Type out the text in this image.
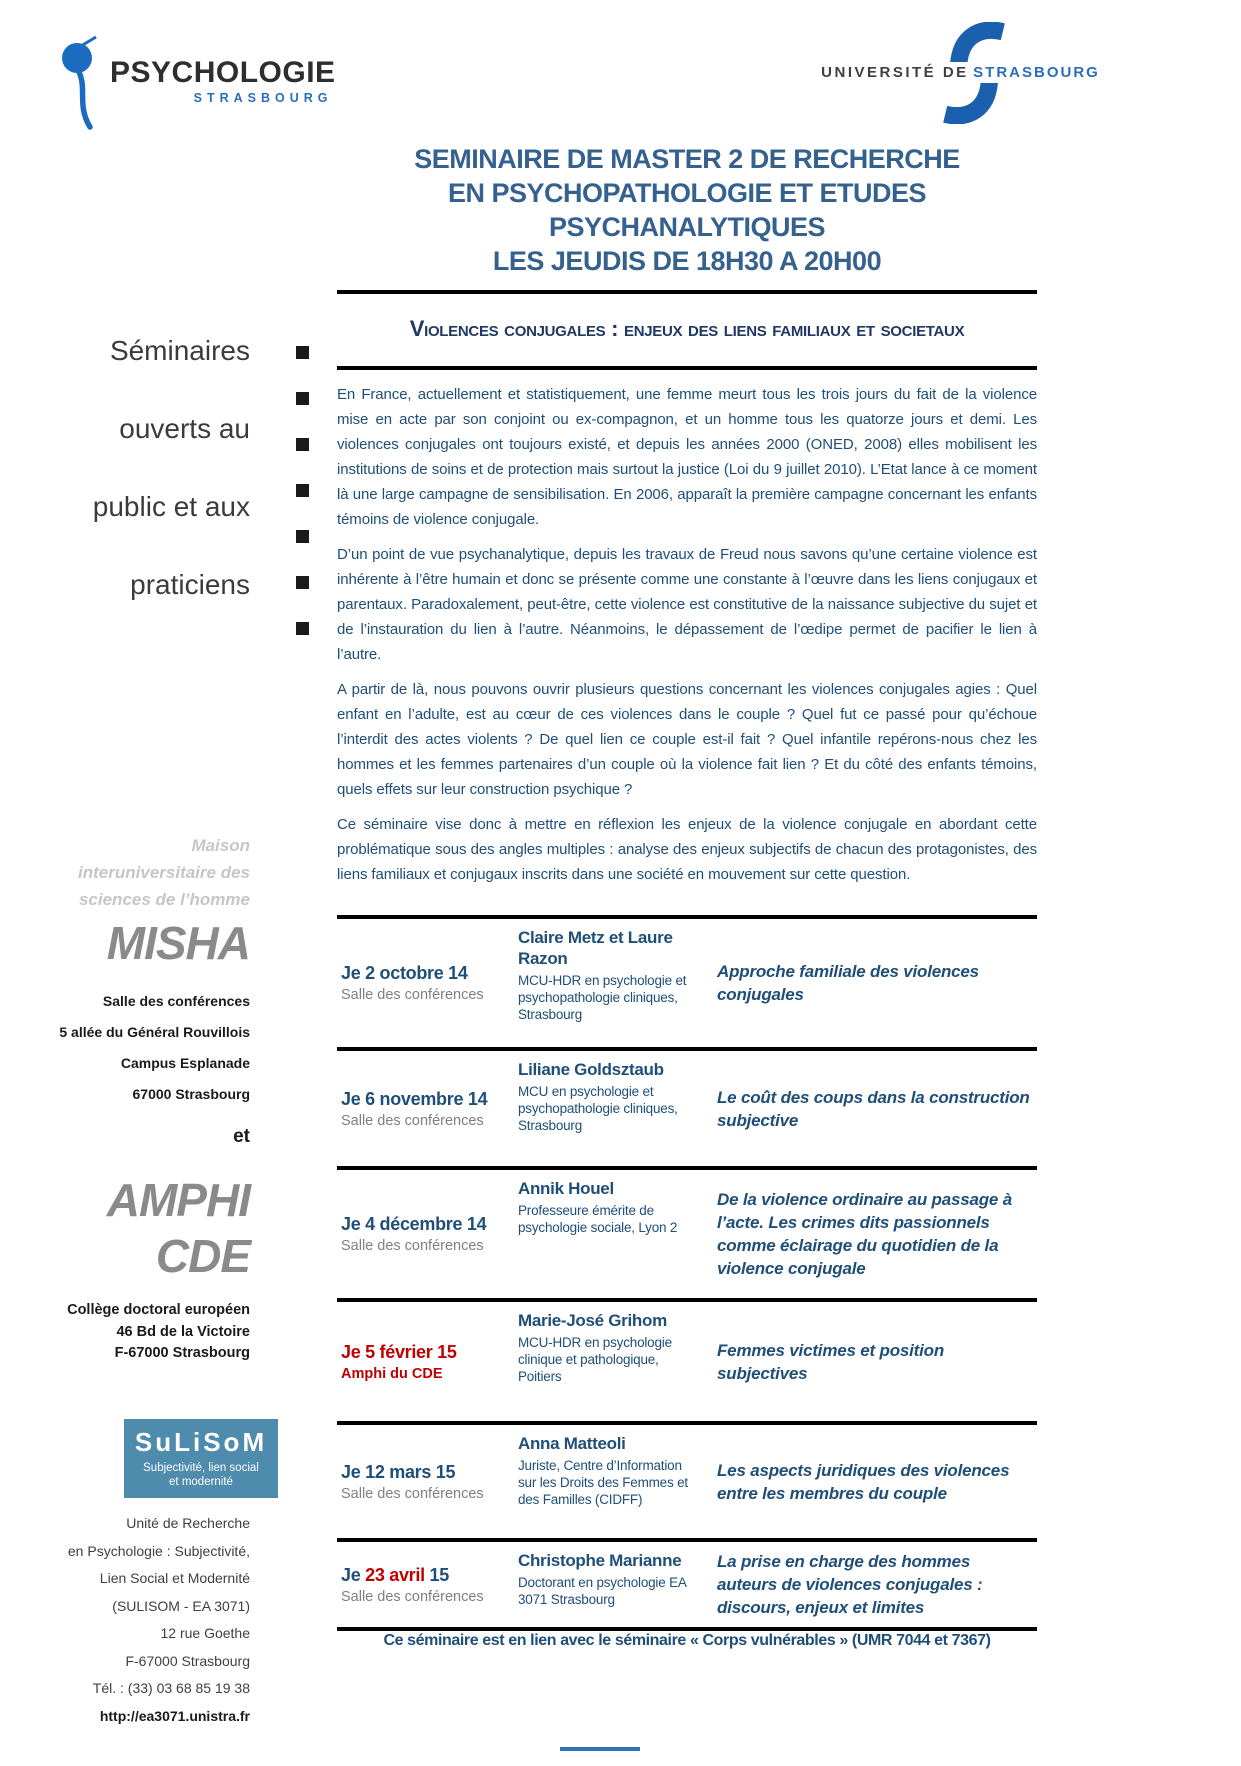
PSYCHOLOGIE
STRASBOURG
UNIVERSITÉ DE STRASBOURG
SEMINAIRE DE MASTER 2 DE RECHERCHE
EN PSYCHOPATHOLOGIE ET ETUDES PSYCHANALYTIQUES
LES JEUDIS DE 18H30 A 20H00
Séminaires
ouverts au
public et aux
praticiens
Maison
interuniversitaire des
sciences de l’homme
MISHA
Salle des conférences
5 allée du Général Rouvillois
Campus Esplanade
67000 Strasbourg
et
AMPHI
CDE
Collège doctoral européen
46 Bd de la Victoire
F-67000 Strasbourg
SuLiSoM
Subjectivité, lien social
et modernité
Unité de Recherche
en Psychologie : Subjectivité,
Lien Social et Modernité
(SULISOM - EA 3071)
12 rue Goethe
F-67000 Strasbourg
Tél. : (33) 03 68 85 19 38
http://ea3071.unistra.fr
Violences conjugales : enjeux des liens familiaux et societaux

En France, actuellement et statistiquement, une femme meurt tous les trois jours du fait de la violence mise en acte par son conjoint ou ex-compagnon, et un homme tous les quatorze jours et demi. Les violences conjugales ont toujours existé, et depuis les années 2000 (ONED, 2008) elles mobilisent les institutions de soins et de protection mais surtout la justice (Loi du 9 juillet 2010). L’Etat lance à ce moment là une large campagne de sensibilisation. En 2006, apparaît la première campagne concernant les enfants témoins de violence conjugale.

D’un point de vue psychanalytique, depuis les travaux de Freud nous savons qu’une certaine violence est inhérente à l’être humain et donc se présente comme une constante à l’œuvre dans les liens conjugaux et parentaux. Paradoxalement, peut-être, cette violence est constitutive de la naissance subjective du sujet et de l’instauration du lien à l’autre. Néanmoins, le dépassement de l’œdipe permet de pacifier le lien à l’autre.

A partir de là, nous pouvons ouvrir plusieurs questions concernant les violences conjugales agies : Quel enfant en l’adulte, est au cœur de ces violences dans le couple ? Quel fut ce passé pour qu’échoue l’interdit des actes violents ? De quel lien ce couple est-il fait ? Quel infantile repérons-nous chez les hommes et les femmes partenaires d’un couple où la violence fait lien ? Et du côté des enfants témoins, quels effets sur leur construction psychique ?

Ce séminaire vise donc à mettre en réflexion les enjeux de la violence conjugale en abordant cette problématique sous des angles multiples : analyse des enjeux subjectifs de chacun des protagonistes, des liens familiaux et conjugaux inscrits dans une société en mouvement sur cette question.

Je 2 octobre 14
Salle des conférences
Claire Metz et Laure Razon
MCU-HDR en psychologie et psychopathologie cliniques, Strasbourg
Approche familiale des violences conjugales
Je 6 novembre 14
Salle des conférences
Liliane Goldsztaub
MCU en psychologie et psychopathologie cliniques, Strasbourg
Le coût des coups dans la construction subjective
Je 4 décembre 14
Salle des conférences
Annik Houel
Professeure émérite de psychologie sociale, Lyon 2
De la violence ordinaire au passage à l’acte. Les crimes dits passionnels comme éclairage du quotidien de la violence conjugale
Je 5 février 15
Amphi du CDE
Marie-José Grihom
MCU-HDR en psychologie clinique et pathologique, Poitiers
Femmes victimes et position subjectives
Je 12 mars 15
Salle des conférences
Anna Matteoli
Juriste, Centre d’Information sur les Droits des Femmes et des Familles (CIDFF)
Les aspects juridiques des violences entre les membres du couple
Je 23 avril 15
Salle des conférences
Christophe Marianne
Doctorant en psychologie EA 3071 Strasbourg
La prise en charge des hommes auteurs de violences conjugales : discours, enjeux et limites
Ce séminaire est en lien avec le séminaire « Corps vulnérables » (UMR 7044 et 7367)
